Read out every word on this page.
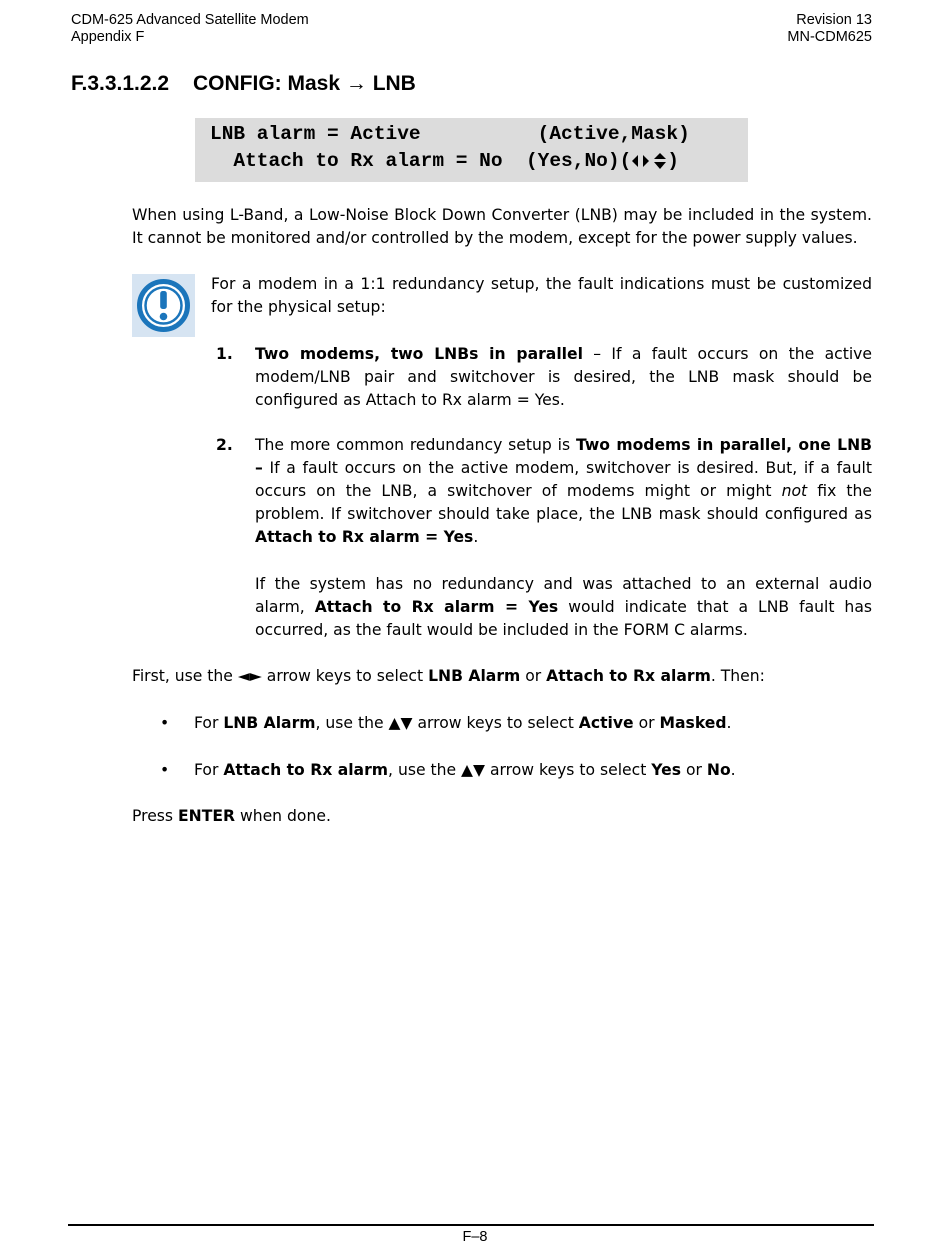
CDM-625 Advanced Satellite Modem
Appendix F
Revision 13
MN-CDM625
F.3.3.1.2.2 CONFIG: Mask → LNB
LNB alarm = Active          (Active,Mask)
Attach to Rx alarm = No  (Yes,No)( )
When using L-Band, a Low-Noise Block Down Converter (LNB) may be included in the system. It cannot be monitored and/or controlled by the modem, except for the power supply values.
For a modem in a 1:1 redundancy setup, the fault indications must be customized for the physical setup:
1. Two modems, two LNBs in parallel – If a fault occurs on the active modem/LNB pair and switchover is desired, the LNB mask should be configured as Attach to Rx alarm = Yes.
2. The more common redundancy setup is Two modems in parallel, one LNB – If a fault occurs on the active modem, switchover is desired. But, if a fault occurs on the LNB, a switchover of modems might or might not fix the problem. If switchover should take place, the LNB mask should configured as Attach to Rx alarm = Yes.
If the system has no redundancy and was attached to an external audio alarm, Attach to Rx alarm = Yes would indicate that a LNB fault has occurred, as the fault would be included in the FORM C alarms.
First, use the ◄► arrow keys to select LNB Alarm or Attach to Rx alarm. Then:
• For LNB Alarm, use the ▲▼ arrow keys to select Active or Masked.
• For Attach to Rx alarm, use the ▲▼ arrow keys to select Yes or No.
Press ENTER when done.
F–8
